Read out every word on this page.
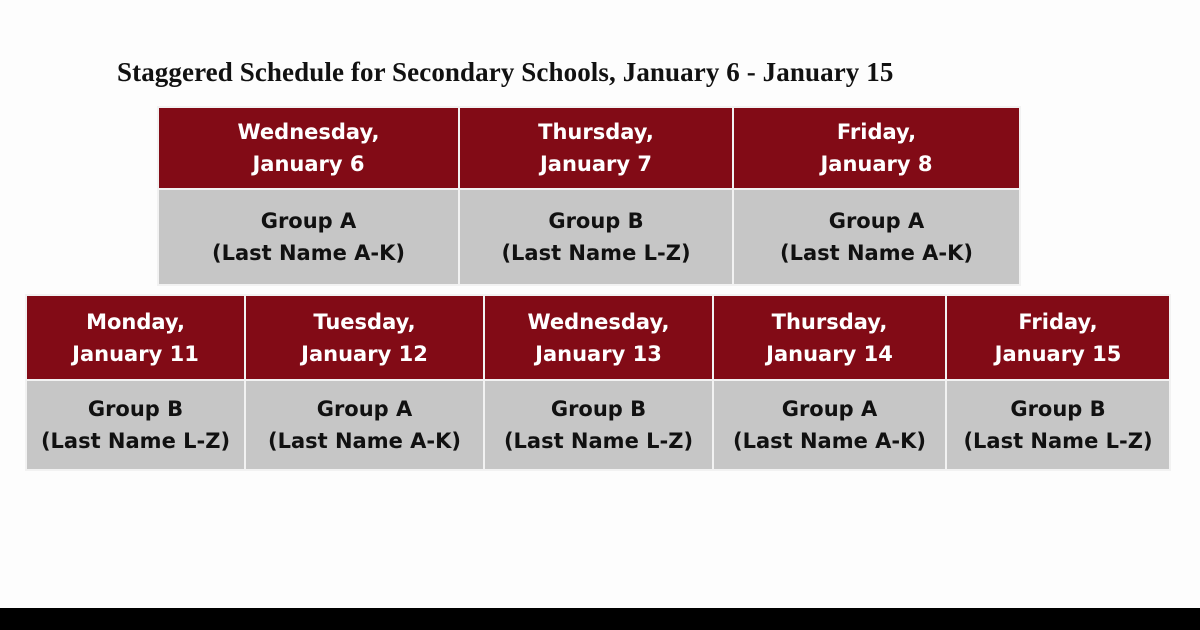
Staggered Schedule for Secondary Schools, January 6 - January 15
Wednesday,
January 6	Thursday,
January 7	Friday,
January 8

Group A
(Last Name A-K)	Group B
(Last Name L-Z)	Group A
(Last Name A-K)
Monday,
January 11	Tuesday,
January 12	Wednesday,
January 13	Thursday,
January 14	Friday,
January 15

Group B
(Last Name L-Z)	Group A
(Last Name A-K)	Group B
(Last Name L-Z)	Group A
(Last Name A-K)	Group B
(Last Name L-Z)
